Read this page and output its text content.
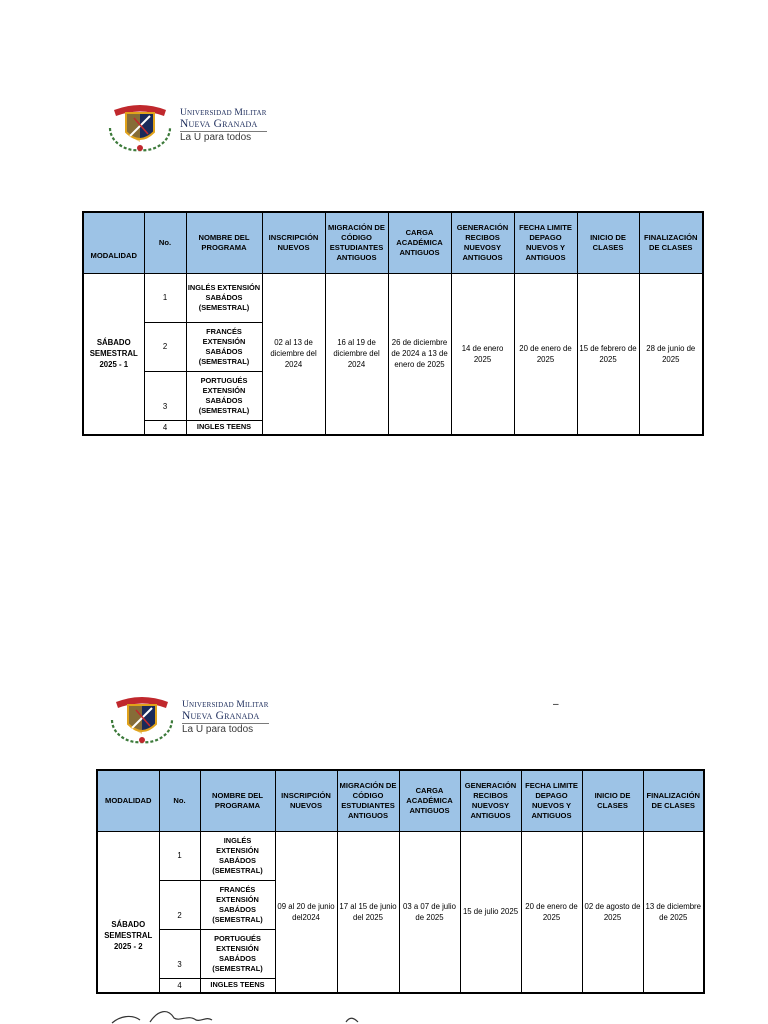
Universidad Militar
Nueva Granada
La U para todos
MODALIDAD	No.	NOMBRE DEL PROGRAMA	INSCRIPCIÓN NUEVOS	MIGRACIÓN DE CÓDIGO ESTUDIANTES ANTIGUOS	CARGA ACADÉMICA ANTIGUOS	GENERACIÓN RECIBOS NUEVOSY ANTIGUOS	FECHA LIMITE DEPAGO NUEVOS Y ANTIGUOS	INICIO DE CLASES	FINALIZACIÓN DE CLASES
SÁBADO SEMESTRAL 2025 - 1	1	INGLÉS EXTENSIÓN SABÁDOS (SEMESTRAL)	02 al 13 de diciembre del 2024	16 al 19 de diciembre del 2024	26 de diciembre de 2024 a 13 de enero de 2025	14 de enero 2025	20 de enero de 2025	15 de febrero de 2025	28 de junio de 2025
	2	FRANCÉS EXTENSIÓN SABÁDOS (SEMESTRAL)							
	3	PORTUGUÉS EXTENSIÓN SABÁDOS (SEMESTRAL)							
	4	INGLES TEENS							
Universidad Militar
Nueva Granada
La U para todos
–
MODALIDAD	No.	NOMBRE DEL PROGRAMA	INSCRIPCIÓN NUEVOS	MIGRACIÓN DE CÓDIGO ESTUDIANTES ANTIGUOS	CARGA ACADÉMICA ANTIGUOS	GENERACIÓN RECIBOS NUEVOSY ANTIGUOS	FECHA LIMITE DEPAGO NUEVOS Y ANTIGUOS	INICIO DE CLASES	FINALIZACIÓN DE CLASES
SÁBADO SEMESTRAL 2025 - 2	1	INGLÉS EXTENSIÓN SABÁDOS (SEMESTRAL)	09 al 20 de junio del2024	17 al 15 de junio del 2025	03 a 07 de julio de 2025	15 de julio 2025	20 de enero de 2025	02 de agosto de 2025	13 de diciembre de 2025
	2	FRANCÉS EXTENSIÓN SABÁDOS (SEMESTRAL)							
	3	PORTUGUÉS EXTENSIÓN SABÁDOS (SEMESTRAL)							
	4	INGLES TEENS							
